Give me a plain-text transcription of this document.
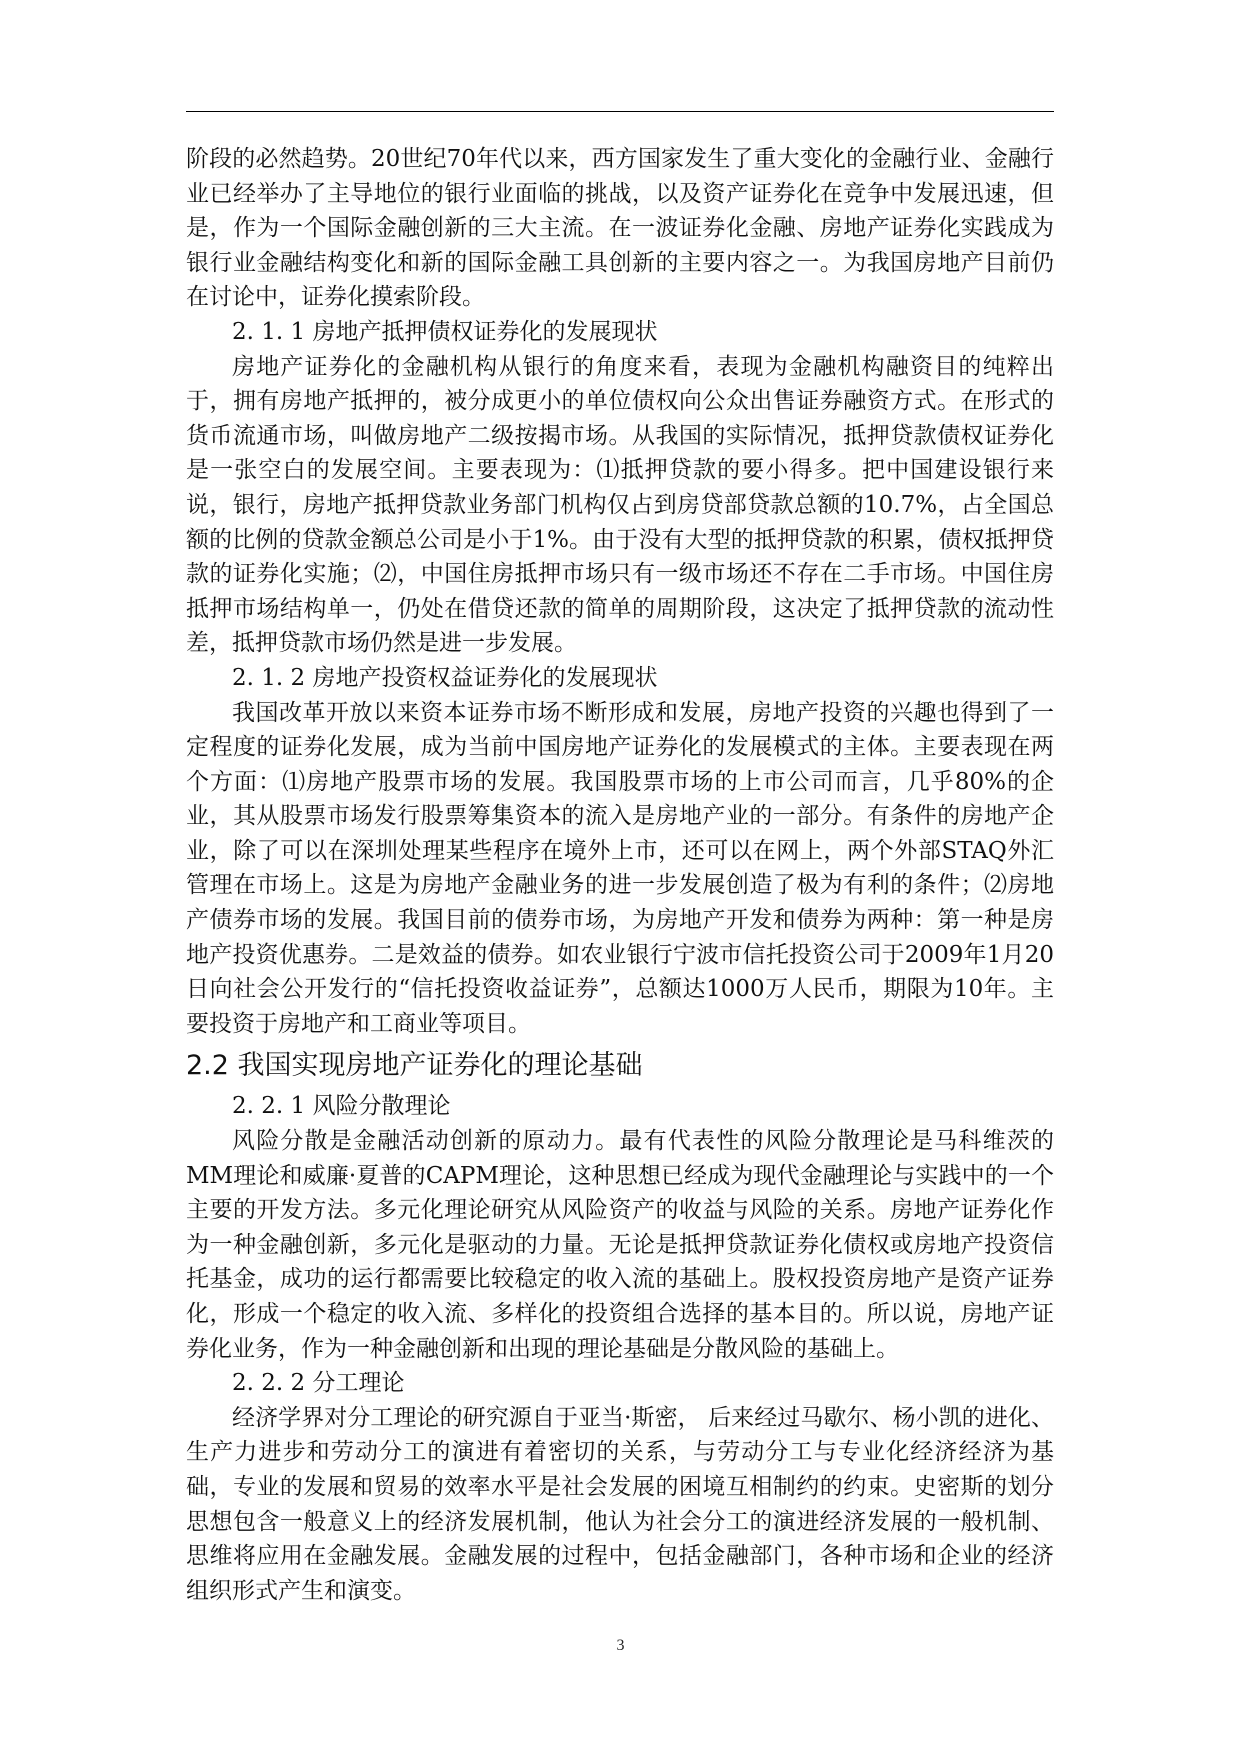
阶段的必然趋势。20世纪70年代以来，西方国家发生了重大变化的金融行业、金融行业已经举办了主导地位的银行业面临的挑战，以及资产证券化在竞争中发展迅速，但是，作为一个国际金融创新的三大主流。在一波证券化金融、房地产证券化实践成为银行业金融结构变化和新的国际金融工具创新的主要内容之一。为我国房地产目前仍在讨论中，证券化摸索阶段。

2. 1. 1 房地产抵押债权证券化的发展现状

房地产证券化的金融机构从银行的角度来看，表现为金融机构融资目的纯粹出于，拥有房地产抵押的，被分成更小的单位债权向公众出售证券融资方式。在形式的货币流通市场，叫做房地产二级按揭市场。从我国的实际情况，抵押贷款债权证券化是一张空白的发展空间。主要表现为：⑴抵押贷款的要小得多。把中国建设银行来说，银行，房地产抵押贷款业务部门机构仅占到房贷部贷款总额的10.7%，占全国总额的比例的贷款金额总公司是小于1%。由于没有大型的抵押贷款的积累，债权抵押贷款的证券化实施；⑵，中国住房抵押市场只有一级市场还不存在二手市场。中国住房抵押市场结构单一，仍处在借贷还款的简单的周期阶段，这决定了抵押贷款的流动性差，抵押贷款市场仍然是进一步发展。

2. 1. 2 房地产投资权益证券化的发展现状

我国改革开放以来资本证券市场不断形成和发展，房地产投资的兴趣也得到了一定程度的证券化发展，成为当前中国房地产证券化的发展模式的主体。主要表现在两个方面：⑴房地产股票市场的发展。我国股票市场的上市公司而言，几乎80%的企业，其从股票市场发行股票筹集资本的流入是房地产业的一部分。有条件的房地产企业，除了可以在深圳处理某些程序在境外上市，还可以在网上，两个外部STAQ外汇管理在市场上。这是为房地产金融业务的进一步发展创造了极为有利的条件；⑵房地产债券市场的发展。我国目前的债券市场，为房地产开发和债券为两种：第一种是房地产投资优惠券。二是效益的债券。如农业银行宁波市信托投资公司于2009年1月20日向社会公开发行的“信托投资收益证券”，总额达1000万人民币，期限为10年。主要投资于房地产和工商业等项目。

2.2 我国实现房地产证券化的理论基础

2. 2. 1 风险分散理论

风险分散是金融活动创新的原动力。最有代表性的风险分散理论是马科维茨的MM理论和威廉·夏普的CAPM理论，这种思想已经成为现代金融理论与实践中的一个主要的开发方法。多元化理论研究从风险资产的收益与风险的关系。房地产证券化作为一种金融创新，多元化是驱动的力量。无论是抵押贷款证券化债权或房地产投资信托基金，成功的运行都需要比较稳定的收入流的基础上。股权投资房地产是资产证券化，形成一个稳定的收入流、多样化的投资组合选择的基本目的。所以说，房地产证券化业务，作为一种金融创新和出现的理论基础是分散风险的基础上。

2. 2. 2 分工理论

经济学界对分工理论的研究源自于亚当·斯密， 后来经过马歇尔、杨小凯的进化、生产力进步和劳动分工的演进有着密切的关系，与劳动分工与专业化经济经济为基础，专业的发展和贸易的效率水平是社会发展的困境互相制约的约束。史密斯的划分思想包含一般意义上的经济发展机制，他认为社会分工的演进经济发展的一般机制、思维将应用在金融发展。金融发展的过程中，包括金融部门，各种市场和企业的经济组织形式产生和演变。

3
